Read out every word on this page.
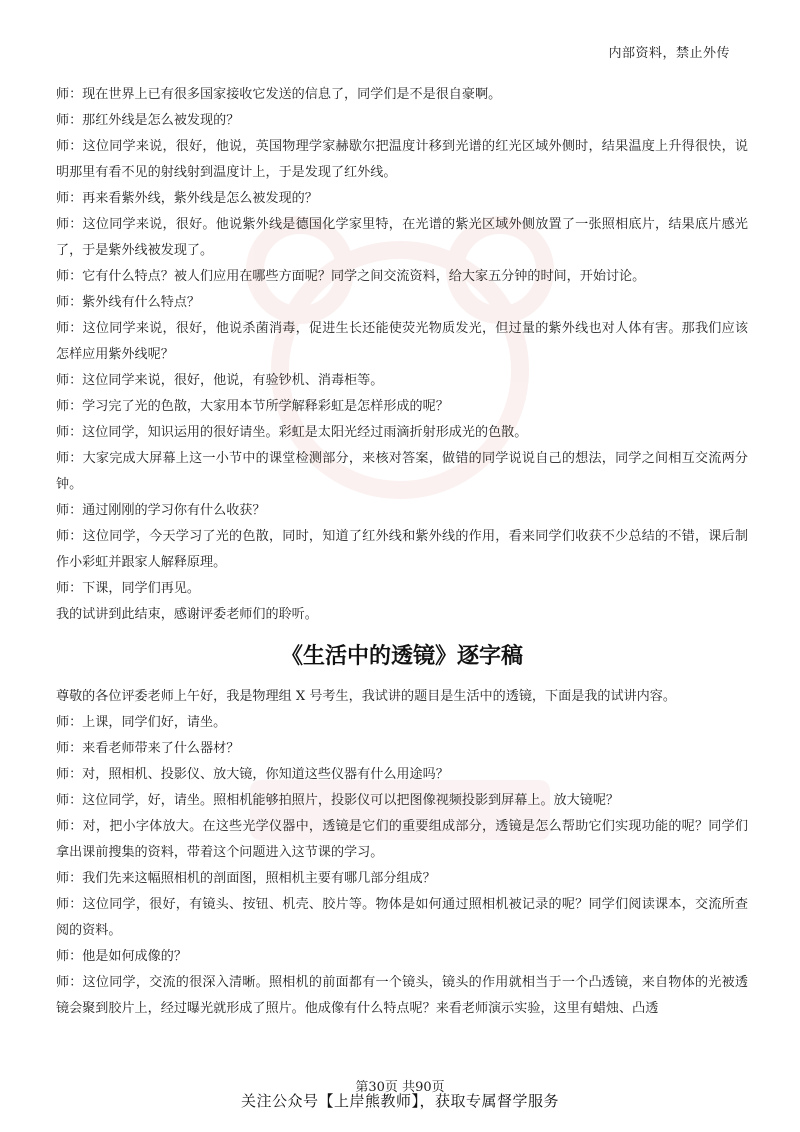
内部资料，禁止外传

师：现在世界上已有很多国家接收它发送的信息了，同学们是不是很自豪啊。

师：那红外线是怎么被发现的？

师：这位同学来说，很好，他说，英国物理学家赫歇尔把温度计移到光谱的红光区域外侧时，结果温度上升得很快，说明那里有看不见的射线射到温度计上，于是发现了红外线。

师：再来看紫外线，紫外线是怎么被发现的？

师：这位同学来说，很好。他说紫外线是德国化学家里特，在光谱的紫光区域外侧放置了一张照相底片，结果底片感光了，于是紫外线被发现了。

师：它有什么特点？被人们应用在哪些方面呢？同学之间交流资料，给大家五分钟的时间，开始讨论。

师：紫外线有什么特点？

师：这位同学来说，很好，他说杀菌消毒，促进生长还能使荧光物质发光，但过量的紫外线也对人体有害。那我们应该怎样应用紫外线呢？

师：这位同学来说，很好，他说，有验钞机、消毒柜等。

师：学习完了光的色散，大家用本节所学解释彩虹是怎样形成的呢？

师：这位同学，知识运用的很好请坐。彩虹是太阳光经过雨滴折射形成光的色散。

师：大家完成大屏幕上这一小节中的课堂检测部分，来核对答案，做错的同学说说自己的想法，同学之间相互交流两分钟。

师：通过刚刚的学习你有什么收获？

师：这位同学，今天学习了光的色散，同时，知道了红外线和紫外线的作用，看来同学们收获不少总结的不错，课后制作小彩虹并跟家人解释原理。

师：下课，同学们再见。

我的试讲到此结束，感谢评委老师们的聆听。

《生活中的透镜》逐字稿

尊敬的各位评委老师上午好，我是物理组 X 号考生，我试讲的题目是生活中的透镜，下面是我的试讲内容。

师：上课，同学们好，请坐。

师：来看老师带来了什么器材？

师：对，照相机、投影仪、放大镜，你知道这些仪器有什么用途吗？

师：这位同学，好，请坐。照相机能够拍照片，投影仪可以把图像视频投影到屏幕上。放大镜呢？

师：对，把小字体放大。在这些光学仪器中，透镜是它们的重要组成部分，透镜是怎么帮助它们实现功能的呢？同学们拿出课前搜集的资料，带着这个问题进入这节课的学习。

师：我们先来这幅照相机的剖面图，照相机主要有哪几部分组成？

师：这位同学，很好，有镜头、按钮、机壳、胶片等。物体是如何通过照相机被记录的呢？同学们阅读课本，交流所查阅的资料。

师：他是如何成像的？

师：这位同学，交流的很深入清晰。照相机的前面都有一个镜头，镜头的作用就相当于一个凸透镜，来自物体的光被透镜会聚到胶片上，经过曝光就形成了照片。他成像有什么特点呢？来看老师演示实验，这里有蜡烛、凸透

第30页 共90页
关注公众号【上岸熊教师】，获取专属督学服务
